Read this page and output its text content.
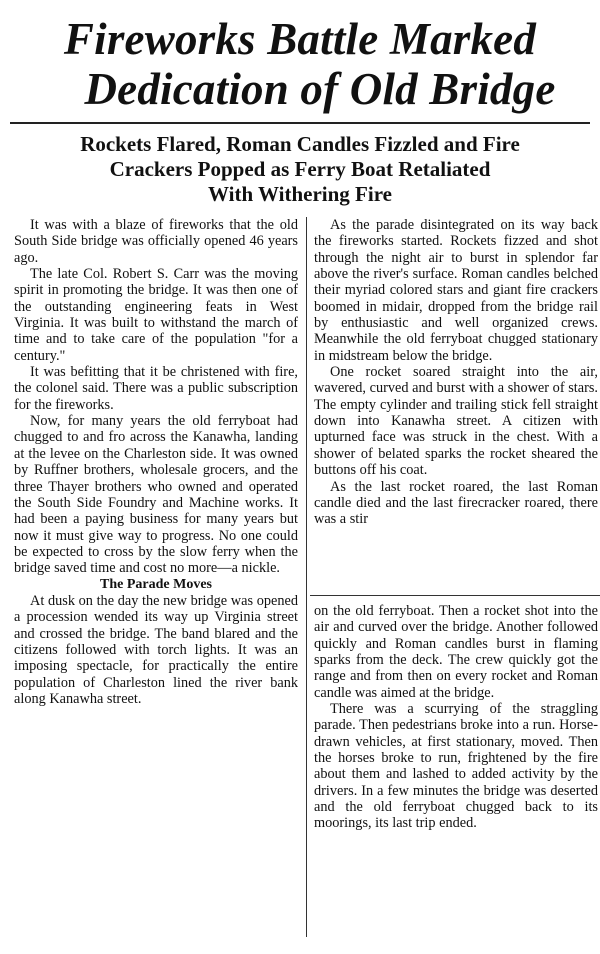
Fireworks Battle Marked
Dedication of Old Bridge
Rockets Flared, Roman Candles Fizzled and Fire
Crackers Popped as Ferry Boat Retaliated
With Withering Fire

It was with a blaze of fireworks that the old South Side bridge was officially opened 46 years ago.

The late Col. Robert S. Carr was the moving spirit in promoting the bridge. It was then one of the outstanding engineering feats in West Virginia. It was built to withstand the march of time and to take care of the population "for a century."

It was befitting that it be christened with fire, the colonel said. There was a public subscription for the fireworks.

Now, for many years the old ferryboat had chugged to and fro across the Kanawha, landing at the levee on the Charleston side. It was owned by Ruffner brothers, wholesale grocers, and the three Thayer brothers who owned and operated the South Side Foundry and Machine works. It had been a paying business for many years but now it must give way to progress. No one could be expected to cross by the slow ferry when the bridge saved time and cost no more—a nickle.

The Parade Moves

At dusk on the day the new bridge was opened a procession wended its way up Virginia street and crossed the bridge. The band blared and the citizens followed with torch lights. It was an imposing spectacle, for practically the entire population of Charleston lined the river bank along Kanawha street.

As the parade disintegrated on its way back the fireworks started. Rockets fizzed and shot through the night air to burst in splendor far above the river's surface. Roman candles belched their myriad colored stars and giant fire crackers boomed in midair, dropped from the bridge rail by enthusiastic and well organized crews. Meanwhile the old ferryboat chugged stationary in midstream below the bridge.

One rocket soared straight into the air, wavered, curved and burst with a shower of stars. The empty cylinder and trailing stick fell straight down into Kanawha street. A citizen with upturned face was struck in the chest. With a shower of belated sparks the rocket sheared the buttons off his coat.

As the last rocket roared, the last Roman candle died and the last firecracker roared, there was a stir

on the old ferryboat. Then a rocket shot into the air and curved over the bridge. Another followed quickly and Roman candles burst in flaming sparks from the deck. The crew quickly got the range and from then on every rocket and Roman candle was aimed at the bridge.

There was a scurrying of the straggling parade. Then pedestrians broke into a run. Horse-drawn vehicles, at first stationary, moved. Then the horses broke to run, frightened by the fire about them and lashed to added activity by the drivers. In a few minutes the bridge was deserted and the old ferryboat chugged back to its moorings, its last trip ended.
